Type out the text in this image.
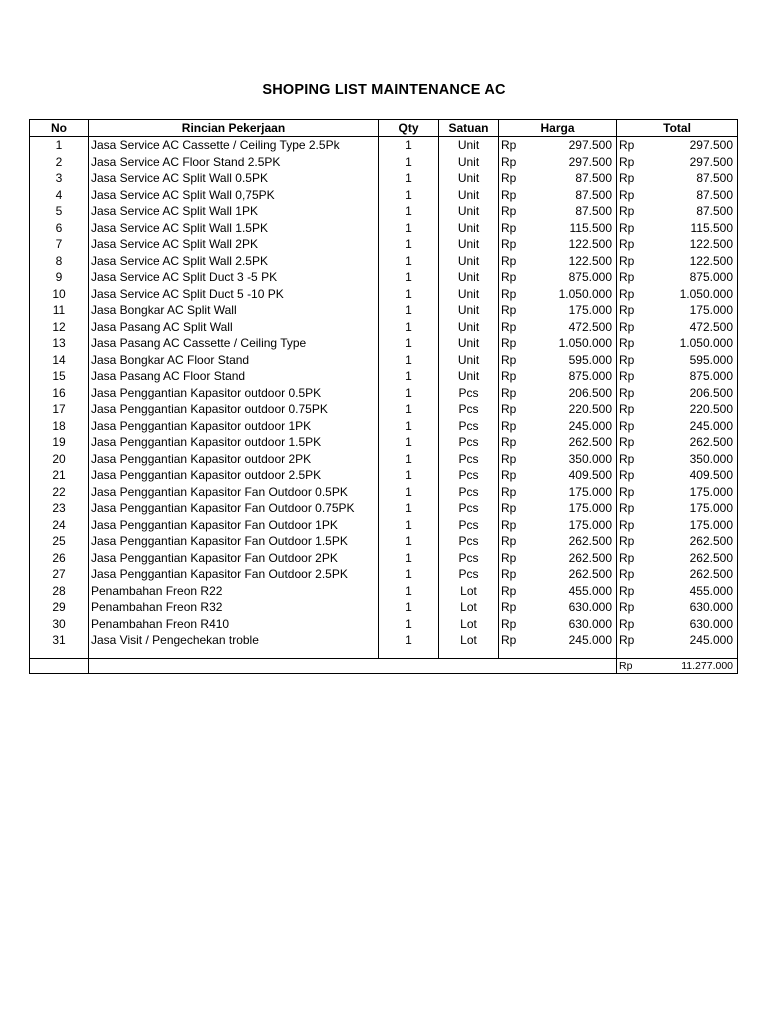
SHOPING LIST MAINTENANCE AC
No	Rincian Pekerjaan	Qty	Satuan	Harga		Total	
1	Jasa Service AC Cassette / Ceiling Type 2.5Pk	1	Unit	Rp	297.500	Rp	297.500
2	Jasa Service AC Floor Stand 2.5PK	1	Unit	Rp	297.500	Rp	297.500
3	Jasa Service AC Split Wall 0.5PK	1	Unit	Rp	87.500	Rp	87.500
4	Jasa Service AC Split Wall 0,75PK	1	Unit	Rp	87.500	Rp	87.500
5	Jasa Service AC Split Wall 1PK	1	Unit	Rp	87.500	Rp	87.500
6	Jasa Service AC Split Wall 1.5PK	1	Unit	Rp	115.500	Rp	115.500
7	Jasa Service AC Split Wall 2PK	1	Unit	Rp	122.500	Rp	122.500
8	Jasa Service AC Split Wall 2.5PK	1	Unit	Rp	122.500	Rp	122.500
9	Jasa Service AC Split Duct 3 -5 PK	1	Unit	Rp	875.000	Rp	875.000
10	Jasa Service AC Split Duct 5 -10 PK	1	Unit	Rp	1.050.000	Rp	1.050.000
11	Jasa Bongkar AC Split Wall	1	Unit	Rp	175.000	Rp	175.000
12	Jasa Pasang AC Split Wall	1	Unit	Rp	472.500	Rp	472.500
13	Jasa Pasang AC Cassette / Ceiling Type	1	Unit	Rp	1.050.000	Rp	1.050.000
14	Jasa Bongkar AC Floor Stand	1	Unit	Rp	595.000	Rp	595.000
15	Jasa Pasang AC Floor Stand	1	Unit	Rp	875.000	Rp	875.000
16	Jasa Penggantian Kapasitor outdoor 0.5PK	1	Pcs	Rp	206.500	Rp	206.500
17	Jasa Penggantian Kapasitor outdoor 0.75PK	1	Pcs	Rp	220.500	Rp	220.500
18	Jasa Penggantian Kapasitor outdoor 1PK	1	Pcs	Rp	245.000	Rp	245.000
19	Jasa Penggantian Kapasitor outdoor 1.5PK	1	Pcs	Rp	262.500	Rp	262.500
20	Jasa Penggantian Kapasitor outdoor 2PK	1	Pcs	Rp	350.000	Rp	350.000
21	Jasa Penggantian Kapasitor outdoor 2.5PK	1	Pcs	Rp	409.500	Rp	409.500
22	Jasa Penggantian Kapasitor Fan Outdoor 0.5PK	1	Pcs	Rp	175.000	Rp	175.000
23	Jasa Penggantian Kapasitor Fan Outdoor 0.75PK	1	Pcs	Rp	175.000	Rp	175.000
24	Jasa Penggantian Kapasitor Fan Outdoor 1PK	1	Pcs	Rp	175.000	Rp	175.000
25	Jasa Penggantian Kapasitor Fan Outdoor 1.5PK	1	Pcs	Rp	262.500	Rp	262.500
26	Jasa Penggantian Kapasitor Fan Outdoor 2PK	1	Pcs	Rp	262.500	Rp	262.500
27	Jasa Penggantian Kapasitor Fan Outdoor 2.5PK	1	Pcs	Rp	262.500	Rp	262.500
28	Penambahan Freon R22	1	Lot	Rp	455.000	Rp	455.000
29	Penambahan Freon R32	1	Lot	Rp	630.000	Rp	630.000
30	Penambahan Freon R410	1	Lot	Rp	630.000	Rp	630.000
31	Jasa Visit / Pengechekan troble	1	Lot	Rp	245.000	Rp	245.000

						Rp	11.277.000
